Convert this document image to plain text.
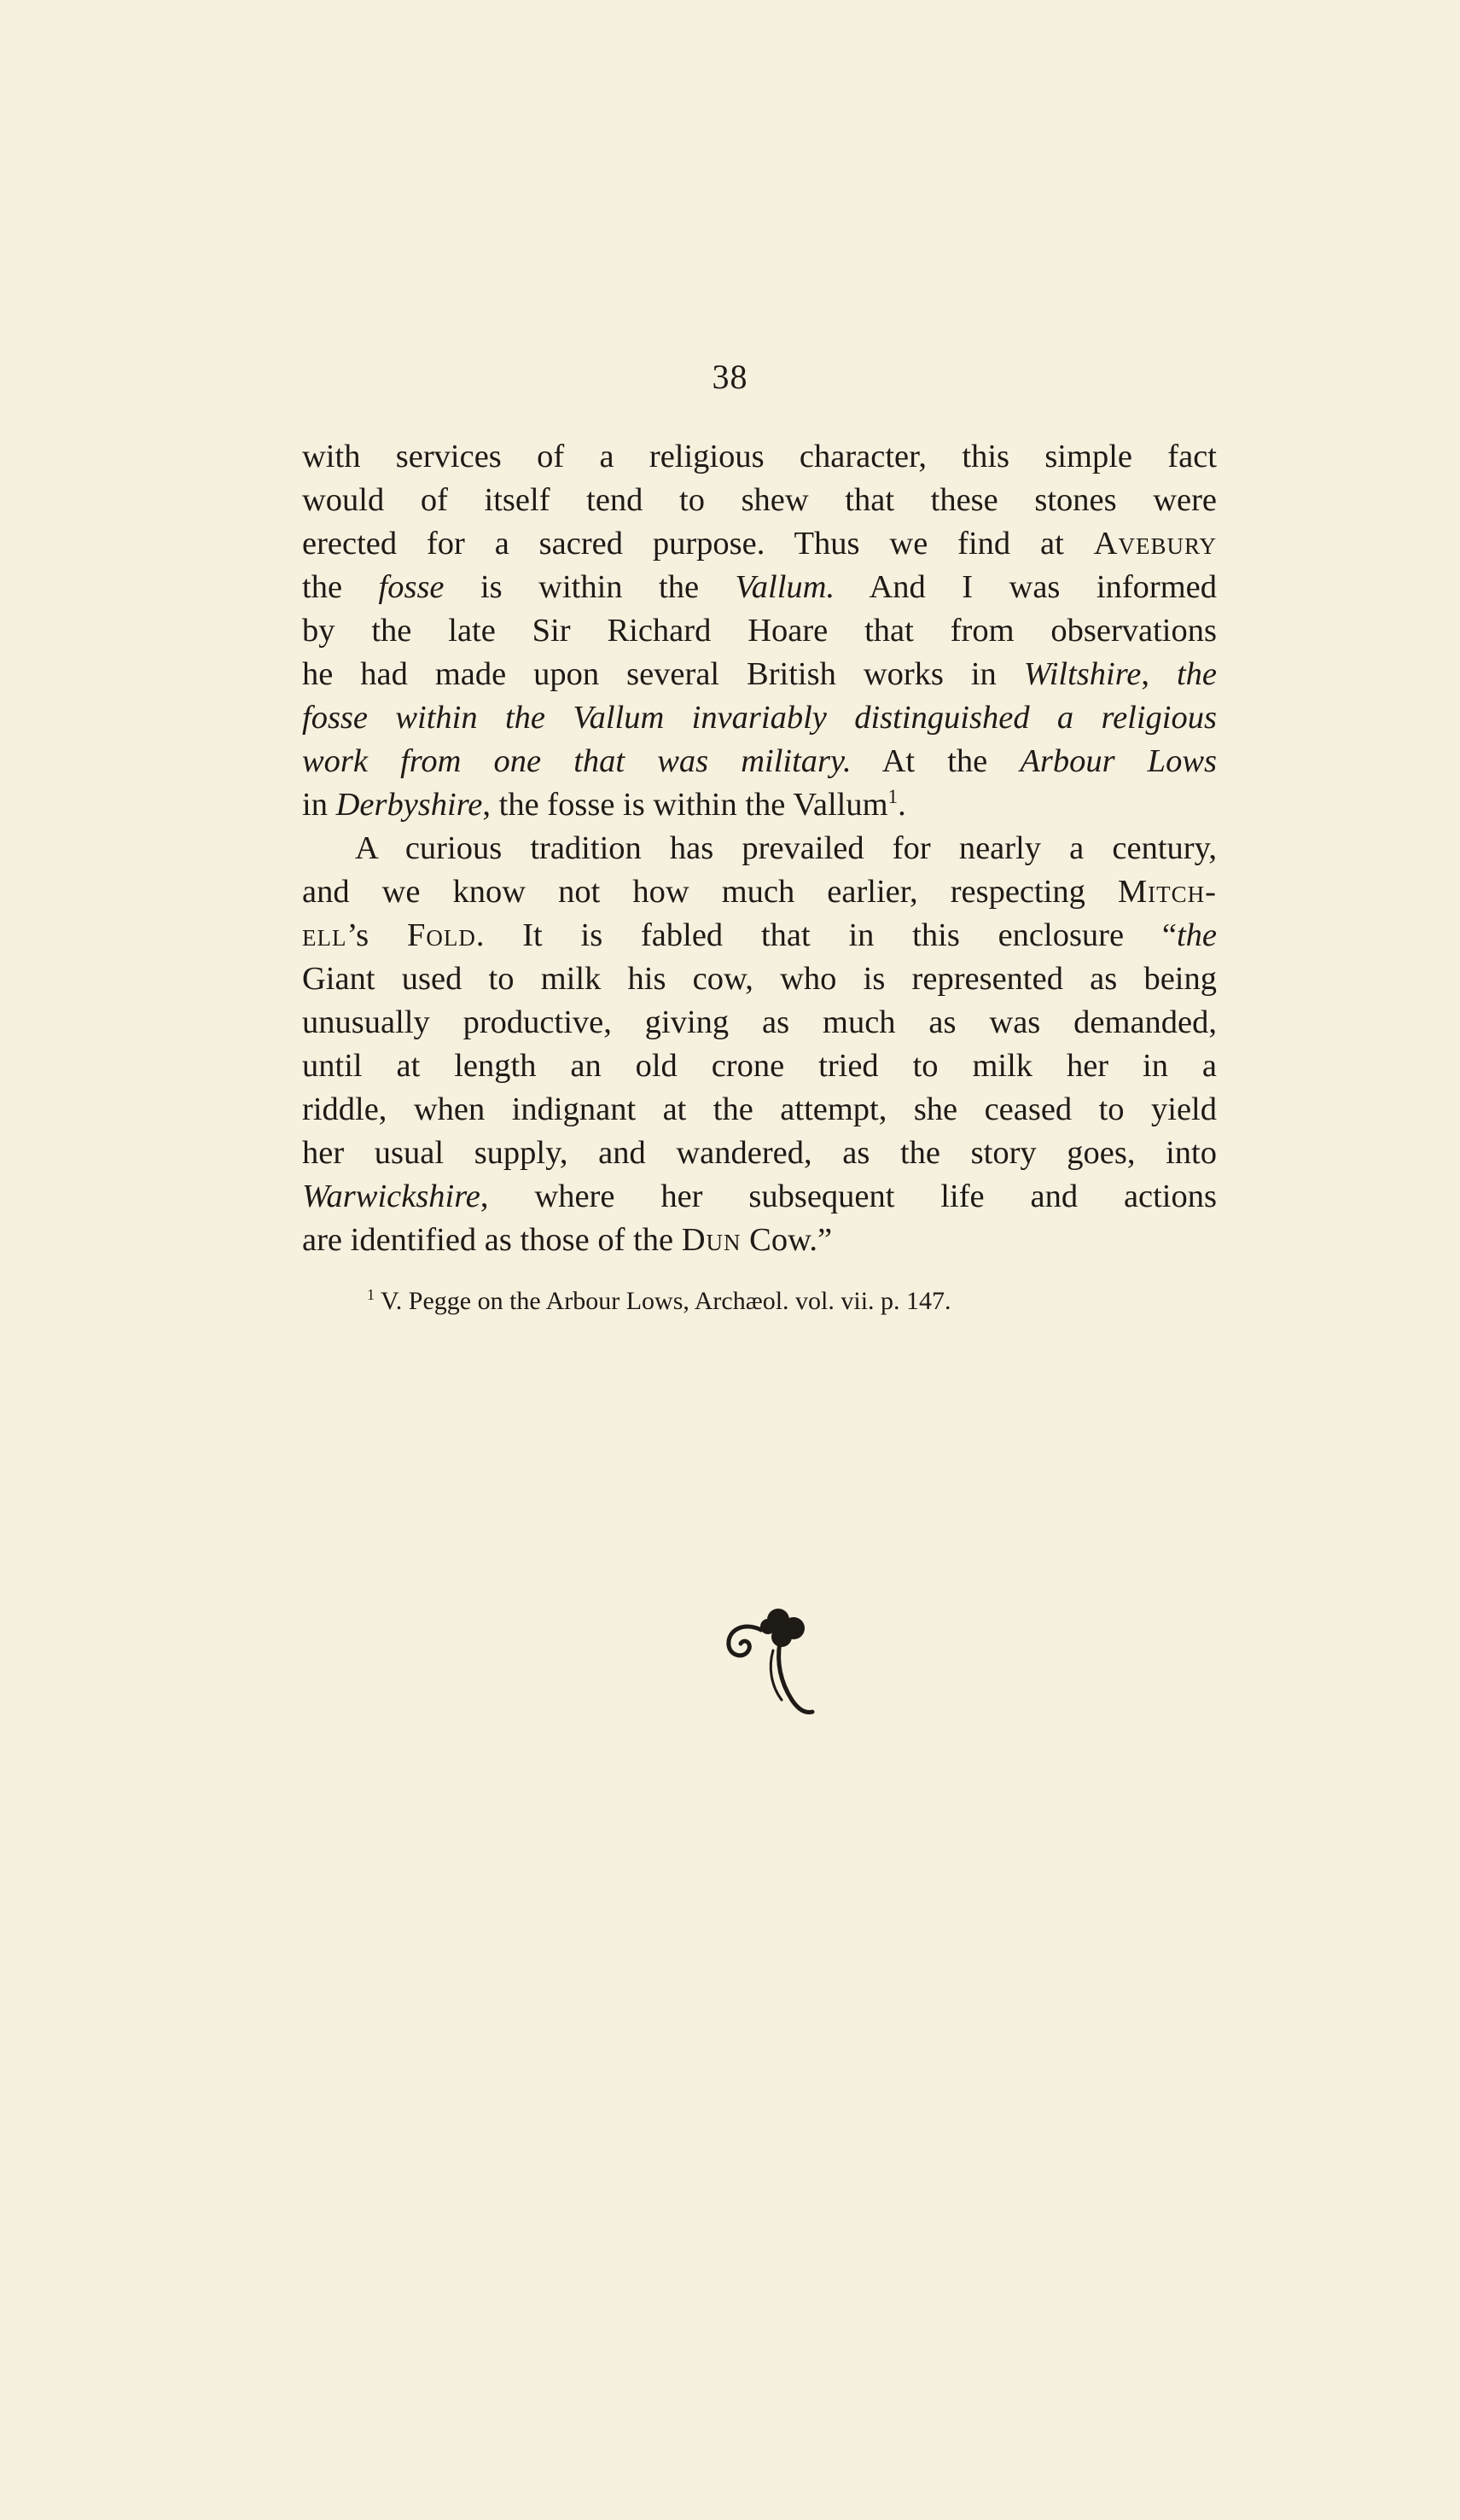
38
with services of a religious character, this simple fact
would of itself tend to shew that these stones were
erected for a sacred purpose. Thus we find at Avebury
the fosse is within the Vallum. And I was informed
by the late Sir Richard Hoare that from observations
he had made upon several British works in Wiltshire, the
fosse within the Vallum invariably distinguished a religious
work from one that was military. At the Arbour Lows
in Derbyshire, the fosse is within the Vallum$^1$.
A curious tradition has prevailed for nearly a century,
and we know not how much earlier, respecting Mitch-
ell’s Fold. It is fabled that in this enclosure “the
Giant used to milk his cow, who is represented as being
unusually productive, giving as much as was demanded,
until at length an old crone tried to milk her in a
riddle, when indignant at the attempt, she ceased to yield
her usual supply, and wandered, as the story goes, into
Warwickshire, where her subsequent life and actions
are identified as those of the Dun Cow.”
$^1$ V. Pegge on the Arbour Lows, Archæol. vol. vii. p. 147.
